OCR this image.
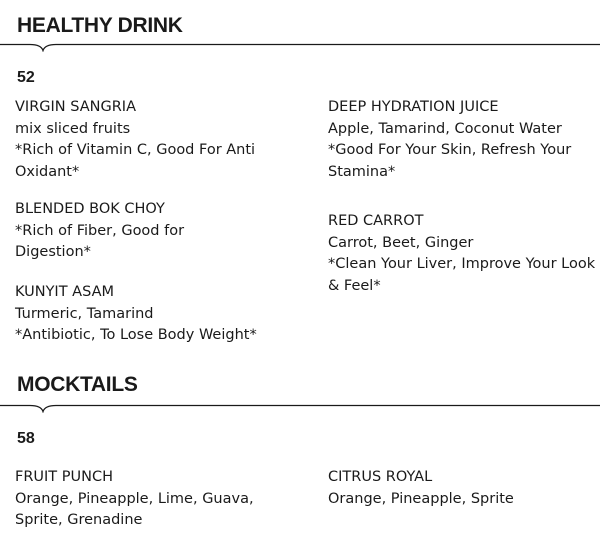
HEALTHY DRINK
52
VIRGIN SANGRIA
mix sliced fruits
*Rich of Vitamin C, Good For Anti Oxidant*
BLENDED BOK CHOY
*Rich of Fiber, Good for Digestion*
KUNYIT ASAM
Turmeric, Tamarind
*Antibiotic, To Lose Body Weight*
DEEP HYDRATION JUICE
Apple, Tamarind, Coconut Water
*Good For Your Skin, Refresh Your Stamina*
RED CARROT
Carrot, Beet, Ginger
*Clean Your Liver, Improve Your Look & Feel*
MOCKTAILS
58
FRUIT PUNCH
Orange, Pineapple, Lime, Guava, Sprite, Grenadine
CITRUS ROYAL
Orange, Pineapple, Sprite
